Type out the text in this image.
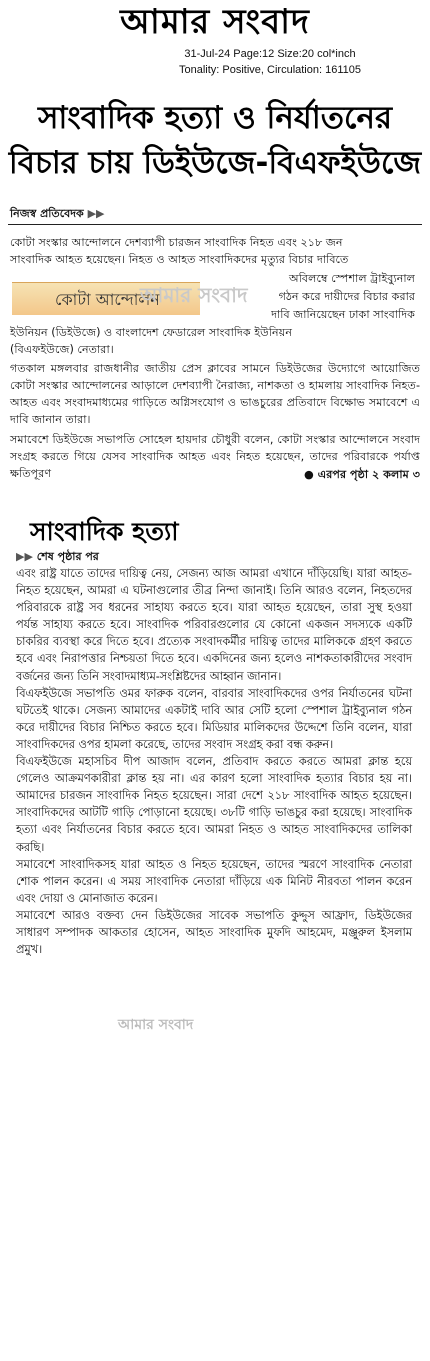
আমার সংবাদ
31-Jul-24 Page:12 Size:20 col*inch
Tonality: Positive, Circulation: 161105
সাংবাদিক হত্যা ও নির্যাতনের
বিচার চায় ডিইউজে-বিএফইউজে
নিজস্ব প্রতিবেদক ▶▶
কোটা সংস্কার আন্দোলনে দেশব্যাপী চারজন সাংবাদিক নিহত এবং ২১৮ জন
সাংবাদিক আহত হয়েছেন। নিহত ও আহত সাংবাদিকদের মৃত্যুর বিচার দাবিতে
কোটা আন্দোলন
আমার সংবাদ
অবিলম্বে স্পেশাল ট্রাইব্যুনাল
গঠন করে দায়ীদের বিচার করার
দাবি জানিয়েছেন ঢাকা সাংবাদিক
ইউনিয়ন (ডিইউজে) ও বাংলাদেশ ফেডারেল সাংবাদিক ইউনিয়ন
(বিএফইউজে) নেতারা।
গতকাল মঙ্গলবার রাজধানীর জাতীয় প্রেস ক্লাবের সামনে ডিইউজের উদ্যোগে আয়োজিত কোটা সংস্কার আন্দোলনের আড়ালে দেশব্যাপী নৈরাজ্য, নাশকতা ও হামলায় সাংবাদিক নিহত-আহত এবং সংবাদমাধ্যমের গাড়িতে অগ্নিসংযোগ ও ভাঙচুরের প্রতিবাদে বিক্ষোভ সমাবেশে এ দাবি জানান তারা।
সমাবেশে ডিইউজে সভাপতি সোহেল হায়দার চৌধুরী বলেন, কোটা সংস্কার আন্দোলনে সংবাদ সংগ্রহ করতে গিয়ে যেসব সাংবাদিক আহত এবং নিহত হয়েছেন, তাদের পরিবারকে পর্যাপ্ত ক্ষতিপূরণ	● এরপর পৃষ্ঠা ২ কলাম ৩
সাংবাদিক হত্যা
▶▶ শেষ পৃষ্ঠার পর

এবং রাষ্ট্র যাতে তাদের দায়িত্ব নেয়, সেজন্য আজ আমরা এখানে দাঁড়িয়েছি। যারা আহত-নিহত হয়েছেন, আমরা এ ঘটনাগুলোর তীব্র নিন্দা জানাই। তিনি আরও বলেন, নিহতদের পরিবারকে রাষ্ট্র সব ধরনের সাহায্য করতে হবে। যারা আহত হয়েছেন, তারা সুস্থ হওয়া পর্যন্ত সাহায্য করতে হবে। সাংবাদিক পরিবারগুলোর যে কোনো একজন সদস্যকে একটি চাকরির ব্যবস্থা করে দিতে হবে। প্রত্যেক সংবাদকর্মীর দায়িত্ব তাদের মালিককে গ্রহণ করতে হবে এবং নিরাপত্তার নিশ্চয়তা দিতে হবে। একদিনের জন্য হলেও নাশকতাকারীদের সংবাদ বর্জনের জন্য তিনি সংবাদমাধ্যম-সংশ্লিষ্টদের আহ্বান জানান।

বিএফইউজে সভাপতি ওমর ফারুক বলেন, বারবার সাংবাদিকদের ওপর নির্যাতনের ঘটনা ঘটতেই থাকে। সেজন্য আমাদের একটাই দাবি আর সেটি হলো স্পেশাল ট্রাইব্যুনাল গঠন করে দায়ীদের বিচার নিশ্চিত করতে হবে। মিডিয়ার মালিকদের উদ্দেশে তিনি বলেন, যারা সাংবাদিকদের ওপর হামলা করেছে, তাদের সংবাদ সংগ্রহ করা বন্ধ করুন।

বিএফইউজে মহাসচিব দীপ আজাদ বলেন, প্রতিবাদ করতে করতে আমরা ক্লান্ত হয়ে গেলেও আক্রমণকারীরা ক্লান্ত হয় না। এর কারণ হলো সাংবাদিক হত্যার বিচার হয় না। আমাদের চারজন সাংবাদিক নিহত হয়েছেন। সারা দেশে ২১৮ সাংবাদিক আহত হয়েছেন। সাংবাদিকদের আটটি গাড়ি পোড়ানো হয়েছে। ৩৮টি গাড়ি ভাঙচুর করা হয়েছে। সাংবাদিক হত্যা এবং নির্যাতনের বিচার করতে হবে। আমরা নিহত ও আহত সাংবাদিকদের তালিকা করছি।

সমাবেশে সাংবাদিকসহ যারা আহত ও নিহত হয়েছেন, তাদের স্মরণে সাংবাদিক নেতারা শোক পালন করেন। এ সময় সাংবাদিক নেতারা দাঁড়িয়ে এক মিনিট নীরবতা পালন করেন এবং দোয়া ও মোনাজাত করেন।

সমাবেশে আরও বক্তব্য দেন ডিইউজের সাবেক সভাপতি কুদ্দুস আফ্রাদ, ডিইউজের সাধারণ সম্পাদক আকতার হোসেন, আহত সাংবাদিক মুফদি আহমেদ, মঞ্জুরুল ইসলাম প্রমুখ।

আমার সংবাদ
